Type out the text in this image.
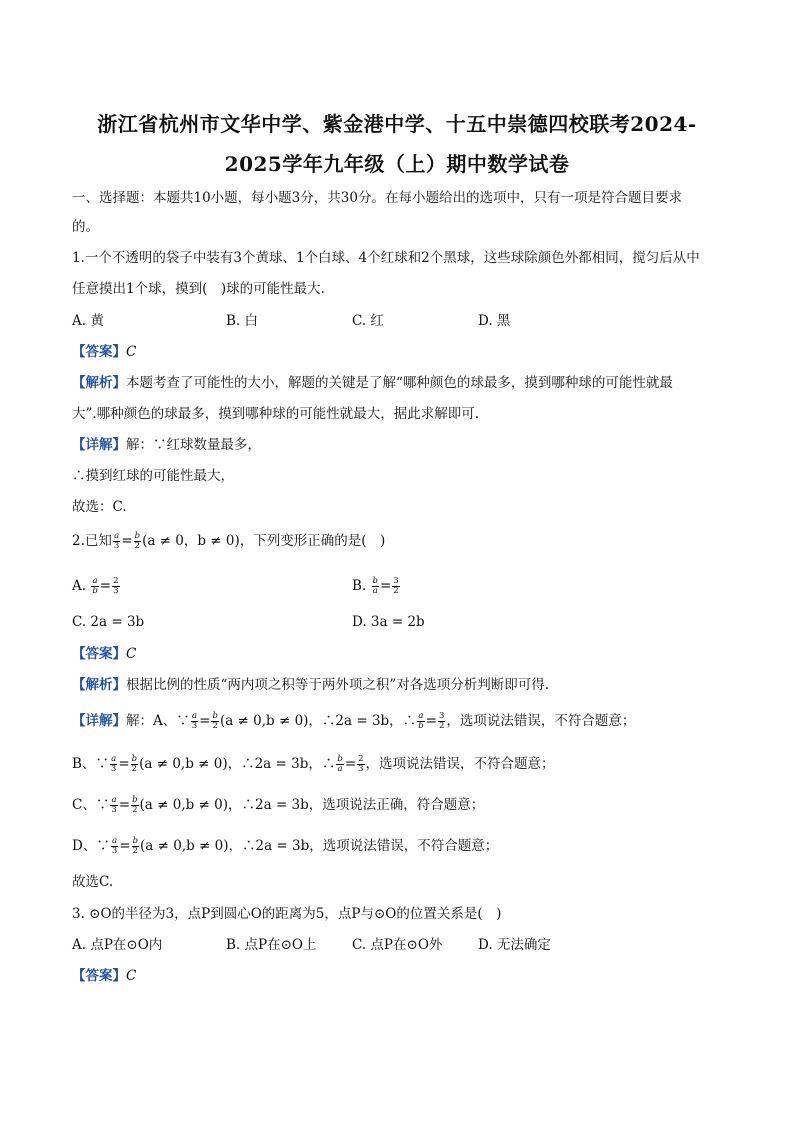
浙江省杭州市文华中学、紫金港中学、十五中崇德四校联考2024-
2025学年九年级（上）期中数学试卷
一、选择题：本题共10小题，每小题3分，共30分。在每小题给出的选项中，只有一项是符合题目要求
的。
1.一个不透明的袋子中装有3个黄球、1个白球、4个红球和2个黑球，这些球除颜色外都相同，搅匀后从中
任意摸出1个球，摸到(　)球的可能性最大.
A. 黄	B. 白	C. 红	D. 黑
【答案】C
【解析】本题考查了可能性的大小，解题的关键是了解“哪种颜色的球最多，摸到哪种球的可能性就最
大”.哪种颜色的球最多，摸到哪种球的可能性就最大，据此求解即可.
【详解】解：∵红球数量最多，
∴摸到红球的可能性最大，
故选：C.
2.已知 $\frac{a}{3} = \frac{b}{2} (a \ne 0$，b ≠ 0)，下列变形正确的是(　)
A. $\frac{a}{b} = \frac{2}{3}$	B. $\frac{b}{a} = \frac{3}{2}$
C. 2a = 3b	D. 3a = 2b
【答案】C
【解析】根据比例的性质“两内项之积等于两外项之积”对各选项分析判断即可得.
【详解】解：A、∵ $\frac{a}{3} = \frac{b}{2} (a \ne 0,b \ne 0)$，∴2a = 3b，∴ $\frac{a}{b} = \frac{3}{2}$ ，选项说法错误，不符合题意；
B、∵ $\frac{a}{3} = \frac{b}{2} (a \ne 0,b \ne 0)$，∴2a = 3b，∴ $\frac{b}{a} = \frac{2}{3}$ ，选项说法错误，不符合题意；
C、∵ $\frac{a}{3} = \frac{b}{2} (a \ne 0,b \ne 0)$，∴2a = 3b，选项说法正确，符合题意；
D、∵ $\frac{a}{3} = \frac{b}{2} (a \ne 0,b \ne 0)$，∴2a = 3b，选项说法错误，不符合题意；
故选C.
3. ⊙O的半径为3，点P到圆心O的距离为5，点P与⊙O的位置关系是(　)
A. 点P在⊙O内	B. 点P在⊙O上	C. 点P在⊙O外	D. 无法确定
【答案】C
